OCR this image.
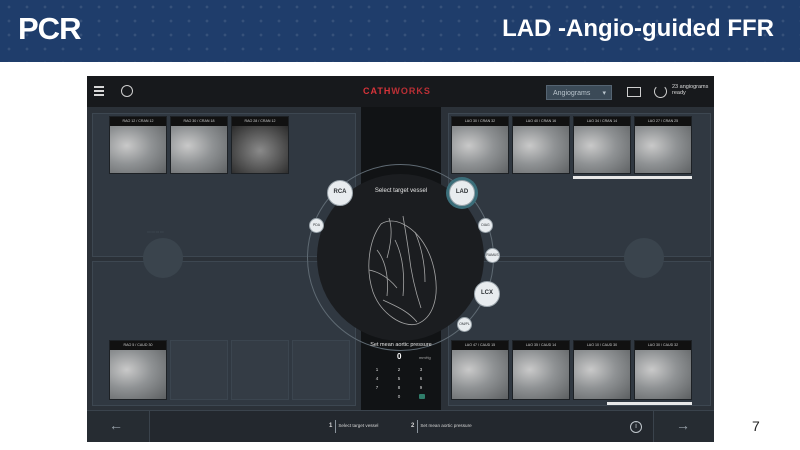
PCR	LAD -Angio-guided FFR
7
CATHWORKS	Angiograms ▾
23 angiograms
ready
▭▭▭▭
RAO 12 / CRAN 12	RAO 30 / CRAN 18	RAO 28 / CRAN 12	LAO 30 / CRAN 32	LAO 40 / CRAN 16	LAO 34 / CRAN 14	LAO 27 / CRAN 25
RAO 5 / CAUD 30	LAO 47 / CAUD 15	LAO 35 / CAUD 14	LAO 10 / CAUD 30	LAO 30 / CAUD 32
Select target vessel
RCA
PDA
LAD
DIAG
RAMUS
LCX
OM/PL
Set mean aortic pressure
0	mmHg
1	2	3
4	5	6
7	8	9
0
←	1 Select target vessel	2 Set mean aortic pressure	i	→
